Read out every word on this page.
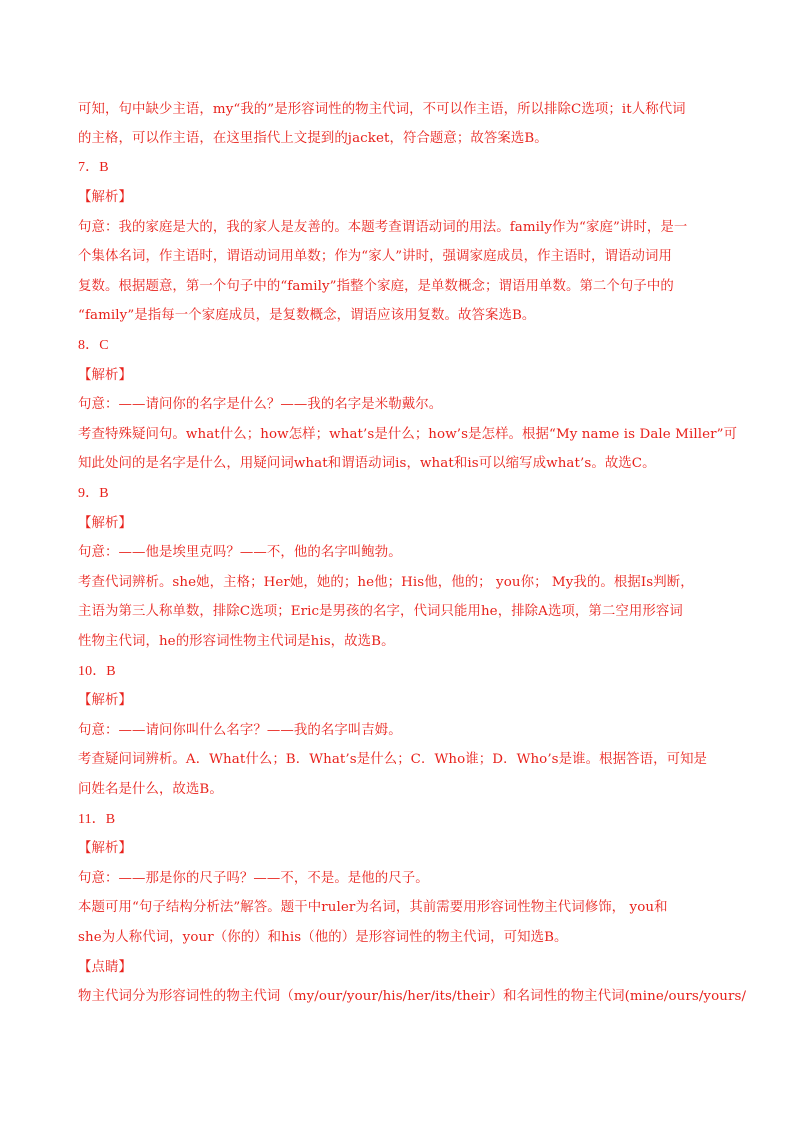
可知，句中缺少主语，my“我的”是形容词性的物主代词，不可以作主语，所以排除C选项；it人称代词
的主格，可以作主语，在这里指代上文提到的jacket，符合题意；故答案选B。
7．B
【解析】
句意：我的家庭是大的，我的家人是友善的。本题考查谓语动词的用法。family作为“家庭”讲时，是一
个集体名词，作主语时，谓语动词用单数；作为“家人”讲时，强调家庭成员，作主语时，谓语动词用
复数。根据题意，第一个句子中的“family”指整个家庭，是单数概念；谓语用单数。第二个句子中的
“family”是指每一个家庭成员，是复数概念，谓语应该用复数。故答案选B。
8．C
【解析】
句意：——请问你的名字是什么？——我的名字是米勒戴尔。
考查特殊疑问句。what什么；how怎样；what’s是什么；how’s是怎样。根据“My name is Dale Miller”可
知此处问的是名字是什么，用疑问词what和谓语动词is，what和is可以缩写成what’s。故选C。
9．B
【解析】
句意：——他是埃里克吗？——不，他的名字叫鲍勃。
考查代词辨析。she她，主格；Her她，她的；he他；His他，他的； you你； My我的。根据Is判断，
主语为第三人称单数，排除C选项；Eric是男孩的名字，代词只能用he，排除A选项，第二空用形容词
性物主代词，he的形容词性物主代词是his，故选B。
10．B
【解析】
句意：——请问你叫什么名字？——我的名字叫吉姆。
考查疑问词辨析。A．What什么；B．What’s是什么；C．Who谁；D．Who’s是谁。根据答语，可知是
问姓名是什么，故选B。
11．B
【解析】
句意：——那是你的尺子吗？——不，不是。是他的尺子。
本题可用“句子结构分析法”解答。题干中ruler为名词，其前需要用形容词性物主代词修饰， you和
she为人称代词，your（你的）和his（他的）是形容词性的物主代词，可知选B。
【点睛】
物主代词分为形容词性的物主代词（my/our/your/his/her/its/their）和名词性的物主代词(mine/ours/yours/
